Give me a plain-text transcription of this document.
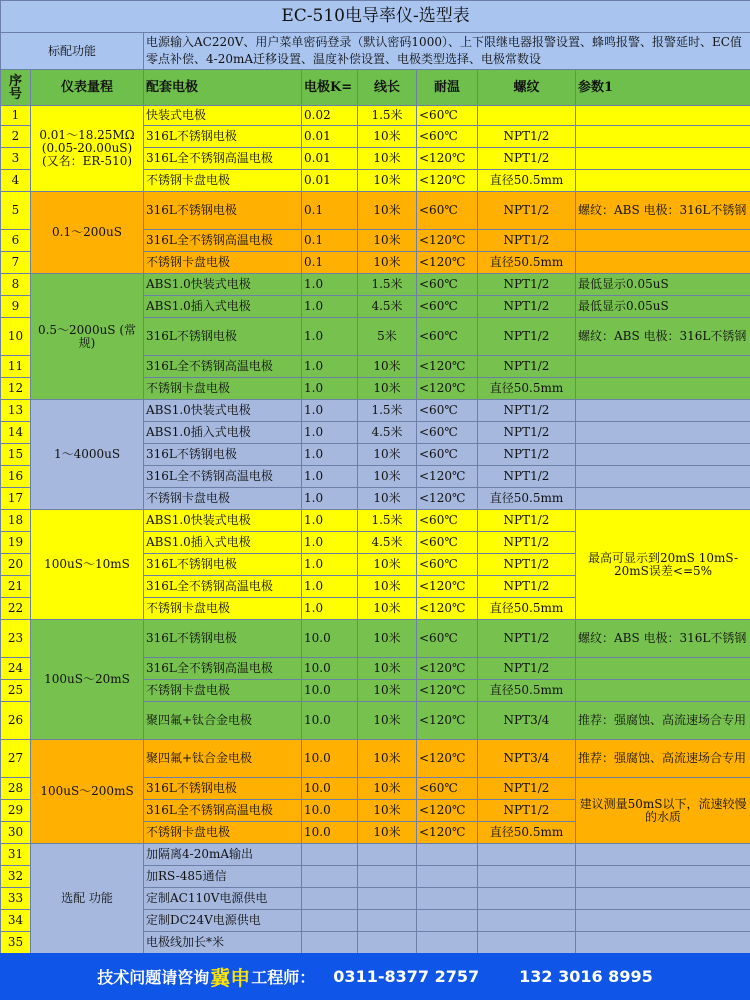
EC-510电导率仪-选型表							
标配功能		电源输入AC220V、用户菜单密码登录（默认密码1000）、上下限继电器报警设置、蜂鸣报警、报警延时、EC值零点补偿、4-20mA迁移设置、温度补偿设置、电极类型选择、电极常数设					
序号	仪表量程	配套电极	电极K=	线长	耐温	螺纹	参数1
1	0.01～18.25MΩ (0.05-20.00uS) (又名：ER-510)	快装式电极	0.02	1.5米	<60℃		
2		316L不锈钢电极	0.01	10米	<60℃	NPT1/2	
3		316L全不锈钢高温电极	0.01	10米	<120℃	NPT1/2	
4		不锈钢卡盘电极	0.01	10米	<120℃	直径50.5mm	
5	0.1～200uS	316L不锈钢电极	0.1	10米	<60℃	NPT1/2	螺纹：ABS 电极：316L不锈钢
6		316L全不锈钢高温电极	0.1	10米	<120℃	NPT1/2	
7		不锈钢卡盘电极	0.1	10米	<120℃	直径50.5mm	
8	0.5～2000uS (常规)	ABS1.0快装式电极	1.0	1.5米	<60℃	NPT1/2	最低显示0.05uS
9		ABS1.0插入式电极	1.0	4.5米	<60℃	NPT1/2	最低显示0.05uS
10		316L不锈钢电极	1.0	5米	<60℃	NPT1/2	螺纹：ABS 电极：316L不锈钢
11		316L全不锈钢高温电极	1.0	10米	<120℃	NPT1/2	
12		不锈钢卡盘电极	1.0	10米	<120℃	直径50.5mm	
13	1～4000uS	ABS1.0快装式电极	1.0	1.5米	<60℃	NPT1/2	
14		ABS1.0插入式电极	1.0	4.5米	<60℃	NPT1/2	
15		316L不锈钢电极	1.0	10米	<60℃	NPT1/2	
16		316L全不锈钢高温电极	1.0	10米	<120℃	NPT1/2	
17		不锈钢卡盘电极	1.0	10米	<120℃	直径50.5mm	
18	100uS～10mS	ABS1.0快装式电极	1.0	1.5米	<60℃	NPT1/2	最高可显示到20mS 10mS-20mS误差<=5%
19		ABS1.0插入式电极	1.0	4.5米	<60℃	NPT1/2	
20		316L不锈钢电极	1.0	10米	<60℃	NPT1/2	
21		316L全不锈钢高温电极	1.0	10米	<120℃	NPT1/2	
22		不锈钢卡盘电极	1.0	10米	<120℃	直径50.5mm	
23	100uS～20mS	316L不锈钢电极	10.0	10米	<60℃	NPT1/2	螺纹：ABS 电极：316L不锈钢
24		316L全不锈钢高温电极	10.0	10米	<120℃	NPT1/2	
25		不锈钢卡盘电极	10.0	10米	<120℃	直径50.5mm	
26		聚四氟+钛合金电极	10.0	10米	<120℃	NPT3/4	推荐：强腐蚀、高流速场合专用
27	100uS～200mS	聚四氟+钛合金电极	10.0	10米	<120℃	NPT3/4	推荐：强腐蚀、高流速场合专用
28		316L不锈钢电极	10.0	10米	<60℃	NPT1/2	建议测量50mS以下，流速较慢 的水质
29		316L全不锈钢高温电极	10.0	10米	<120℃	NPT1/2	
30		不锈钢卡盘电极	10.0	10米	<120℃	直径50.5mm	
31	选配 功能	加隔离4-20mA输出					
32		加RS-485通信					
33		定制AC110V电源供电					
34		定制DC24V电源供电					
35		电极线加长*米					
技术问题请咨询 冀申 工程师： 0311-8377 2757	132 3016 8995
